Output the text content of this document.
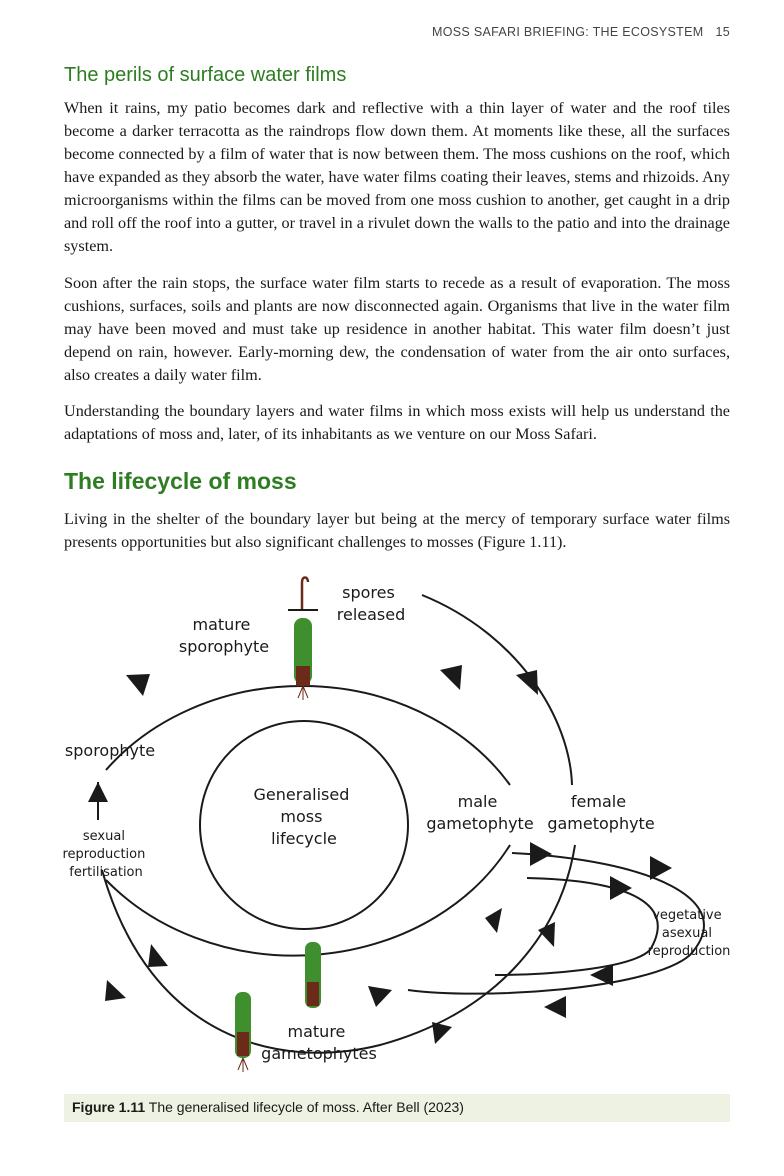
MOSS SAFARI BRIEFING: THE ECOSYSTEM 15
The perils of surface water films

When it rains, my patio becomes dark and reflective with a thin layer of water and the roof tiles become a darker terracotta as the raindrops flow down them. At moments like these, all the surfaces become connected by a film of water that is now between them. The moss cushions on the roof, which have expanded as they absorb the water, have water films coating their leaves, stems and rhizoids. Any microorganisms within the films can be moved from one moss cushion to another, get caught in a drip and roll off the roof into a gutter, or travel in a rivulet down the walls to the patio and into the drainage system.

Soon after the rain stops, the surface water film starts to recede as a result of evaporation. The moss cushions, surfaces, soils and plants are now disconnected again. Organisms that live in the water film may have been moved and must take up residence in another habitat. This water film doesn’t just depend on rain, however. Early-morning dew, the condensation of water from the air onto surfaces, also creates a daily water film.

Understanding the boundary layers and water films in which moss exists will help us understand the adaptations of moss and, later, of its inhabitants as we venture on our Moss Safari.

The lifecycle of moss

Living in the shelter of the boundary layer but being at the mercy of temporary surface water films presents opportunities but also significant challenges to mosses (Figure 1.11).

Generalised moss lifecycle
spores released
mature sporophyte
sporophyte
sexual reproduction fertilisation
male gametophyte
female gametophyte
vegetative asexual reproduction
mature gametophytes
Figure 1.11 The generalised lifecycle of moss. After Bell (2023)
